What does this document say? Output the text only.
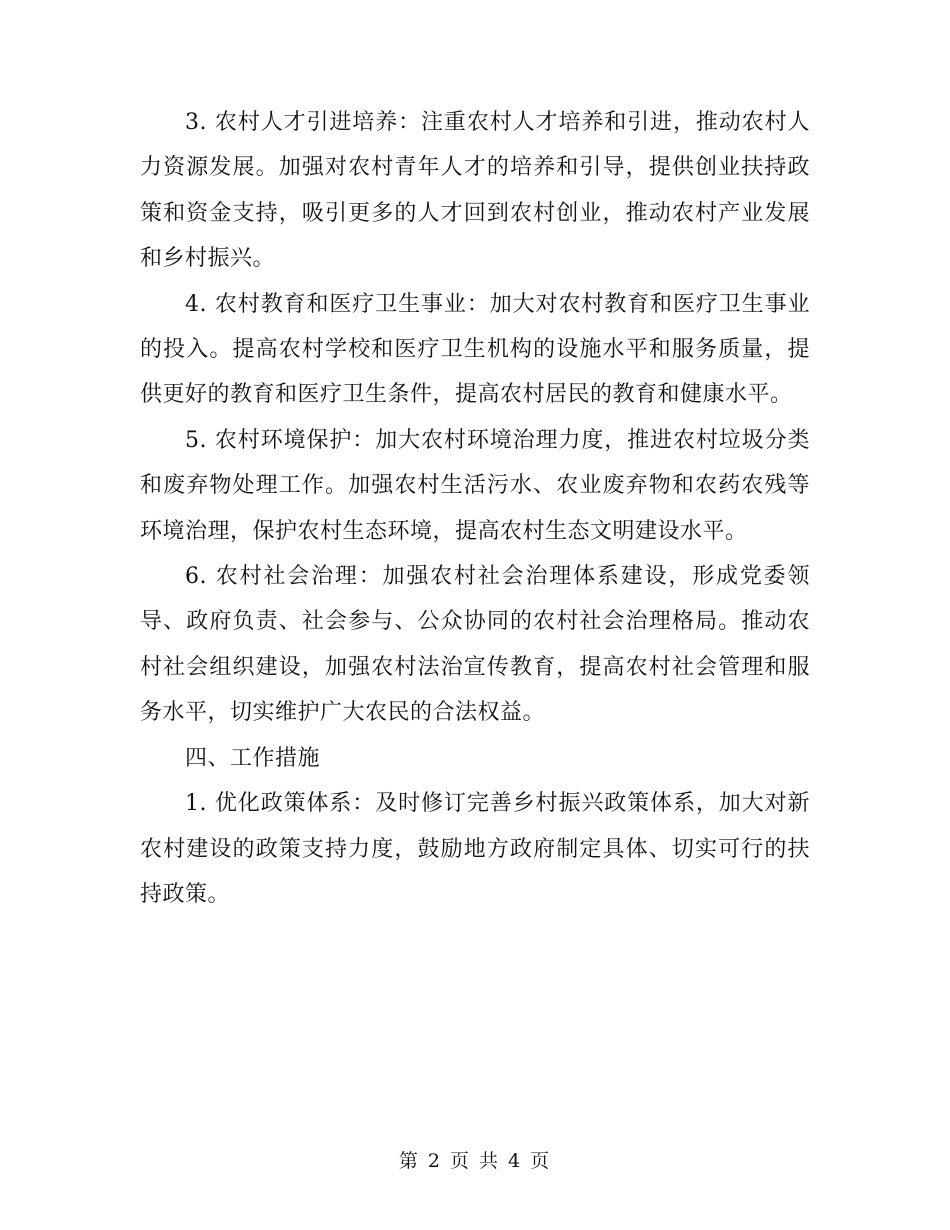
3. 农村人才引进培养：注重农村人才培养和引进，推动农村人力资源发展。加强对农村青年人才的培养和引导，提供创业扶持政策和资金支持，吸引更多的人才回到农村创业，推动农村产业发展和乡村振兴。

4. 农村教育和医疗卫生事业：加大对农村教育和医疗卫生事业的投入。提高农村学校和医疗卫生机构的设施水平和服务质量，提供更好的教育和医疗卫生条件，提高农村居民的教育和健康水平。

5. 农村环境保护：加大农村环境治理力度，推进农村垃圾分类和废弃物处理工作。加强农村生活污水、农业废弃物和农药农残等环境治理，保护农村生态环境，提高农村生态文明建设水平。

6. 农村社会治理：加强农村社会治理体系建设，形成党委领导、政府负责、社会参与、公众协同的农村社会治理格局。推动农村社会组织建设，加强农村法治宣传教育，提高农村社会管理和服务水平，切实维护广大农民的合法权益。

四、工作措施

1. 优化政策体系：及时修订完善乡村振兴政策体系，加大对新农村建设的政策支持力度，鼓励地方政府制定具体、切实可行的扶持政策。

第 2 页 共 4 页
